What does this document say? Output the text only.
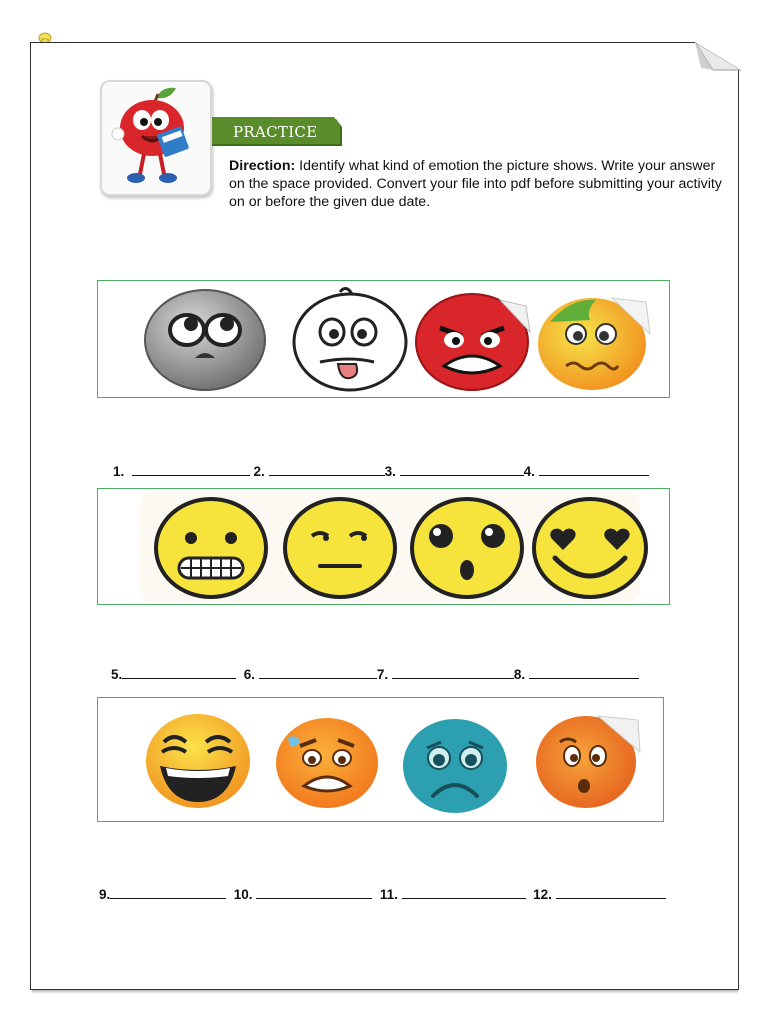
PRACTICE
Direction: Identify what kind of emotion the picture shows. Write your answer on the space provided. Convert your file into pdf before submitting your activity on or before the given due date.
1.	2.	3.	4.
5.	6.	7.	8.
9.	10.	11.	12.
